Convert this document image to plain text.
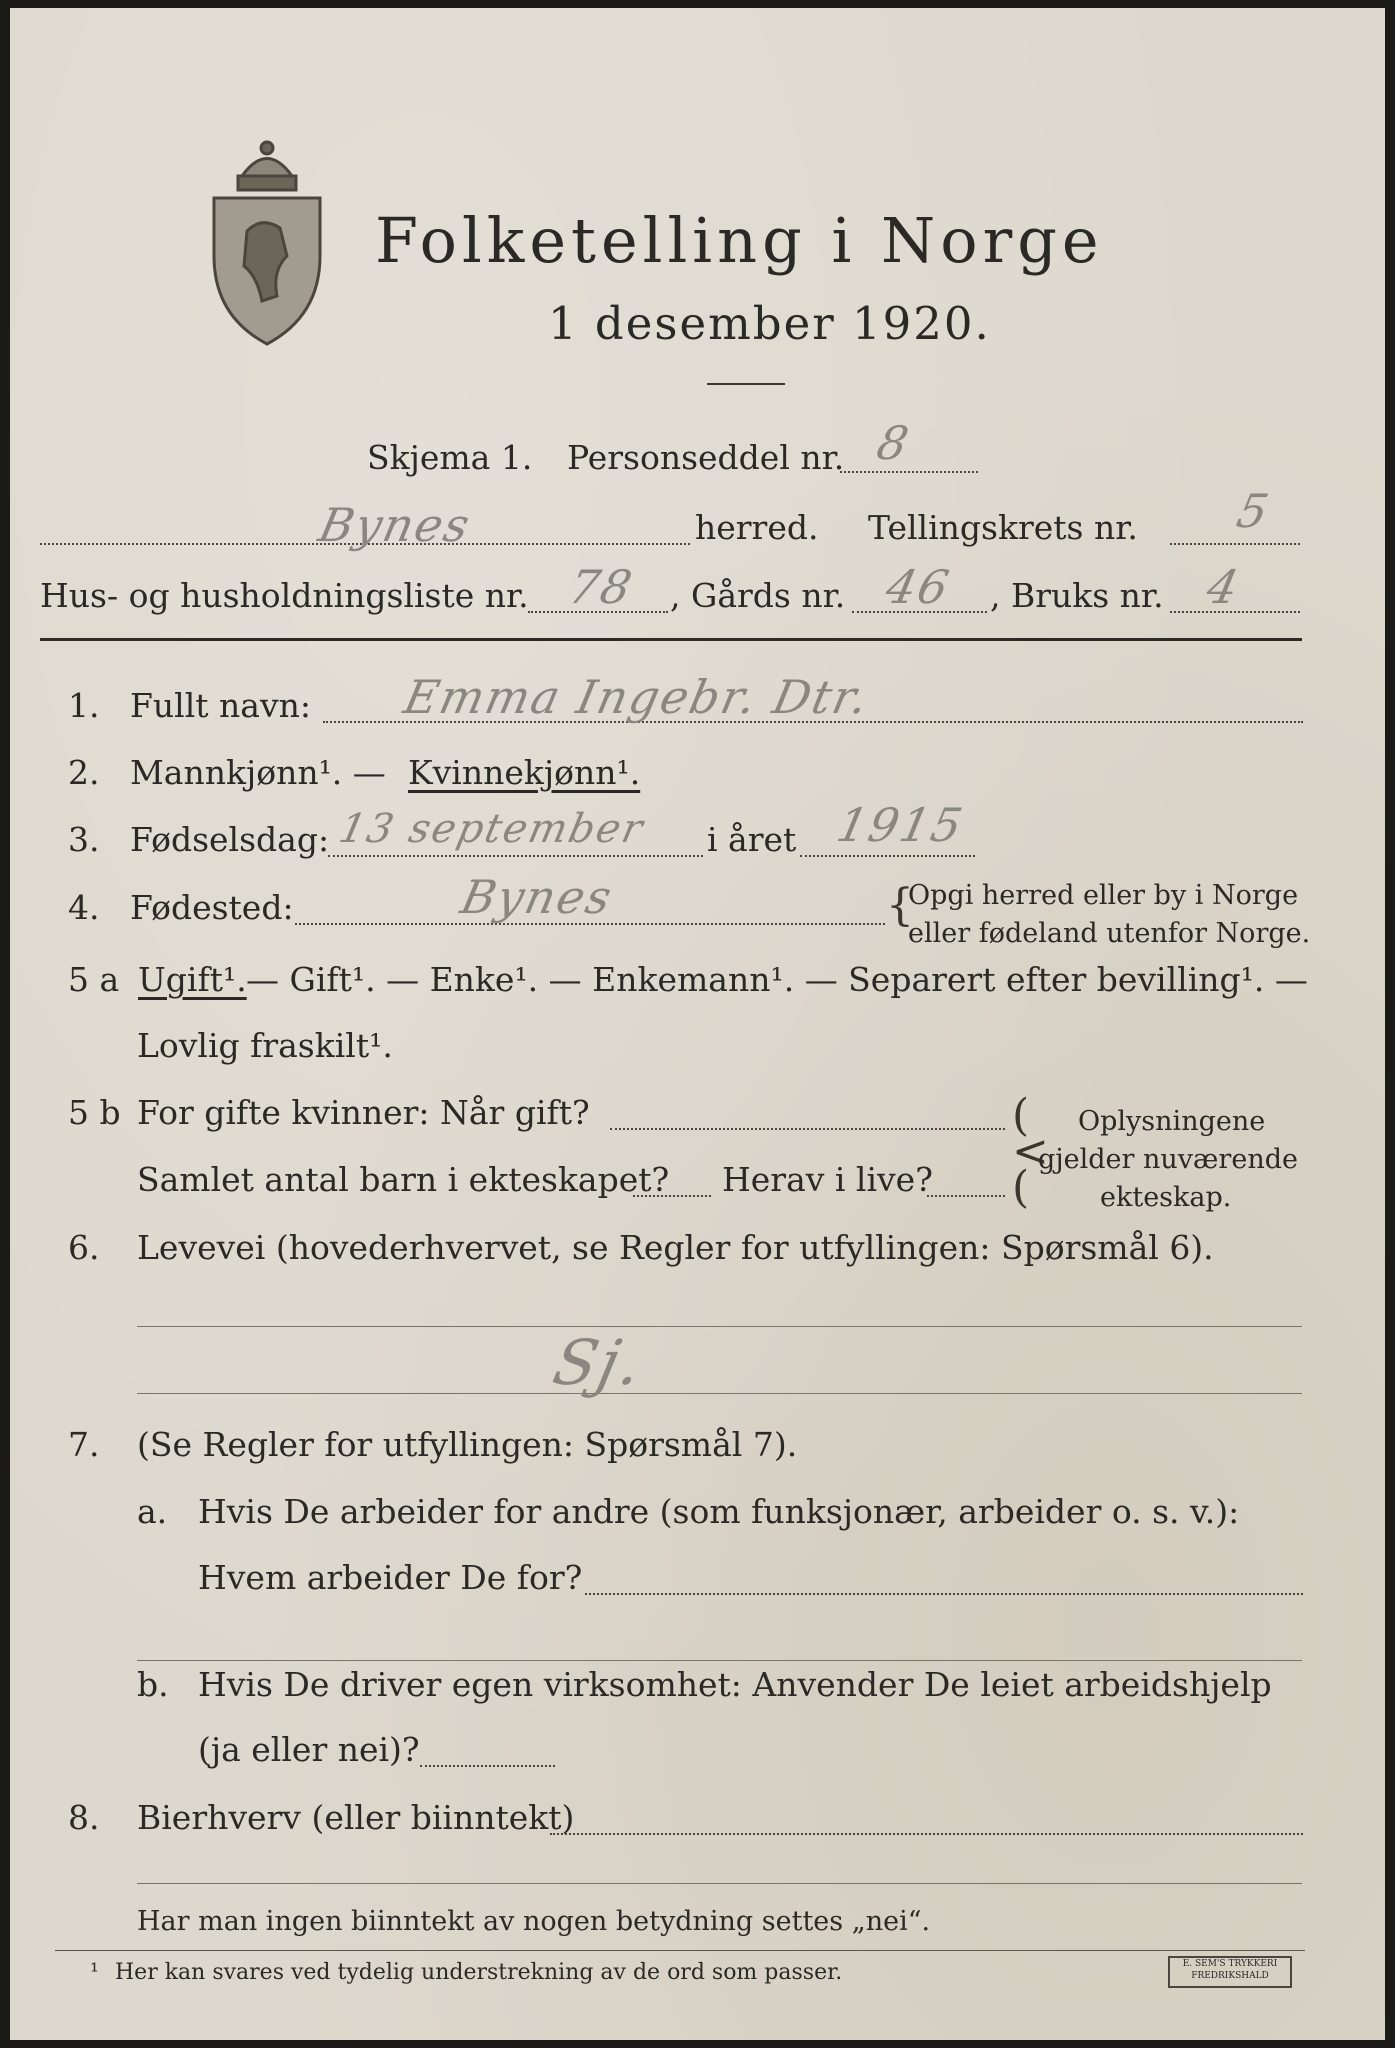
Folketelling i Norge
1 desember 1920.
Skjema 1. Personseddel nr. 8
Bynes	herred. Tellingskrets nr. 5
Hus- og husholdningsliste nr. 78 , Gårds nr. 46 , Bruks nr. 4
1. Fullt navn: Emma Ingebr. Dtr.
2. Mannkjønn¹. — Kvinnekjønn¹.
3. Fødselsdag: 13 september i året 1915
4. Fødested:	Bynes	{
Opgi herred eller by i Norge
eller fødeland utenfor Norge.
5 a Ugift¹. — Gift¹. — Enke¹. — Enkemann¹. — Separert efter bevilling¹. —
Lovlig fraskilt¹.
5 b For gifte kvinner: Når gift?
Samlet antal barn i ekteskapet? Herav i live?
(
<
(
Oplysningene
gjelder nuværende
ekteskap.
6. Levevei (hovederhvervet, se Regler for utfyllingen: Spørsmål 6).
Sj.
7. (Se Regler for utfyllingen: Spørsmål 7).
a. Hvis De arbeider for andre (som funksjonær, arbeider o. s. v.):
Hvem arbeider De for?
b. Hvis De driver egen virksomhet: Anvender De leiet arbeidshjelp
(ja eller nei)?
8. Bierhverv (eller biinntekt)
Har man ingen biinntekt av nogen betydning settes „nei“.
¹ Her kan svares ved tydelig understrekning av de ord som passer.	E. SEM'S TRYKKERI FREDRIKSHALD
